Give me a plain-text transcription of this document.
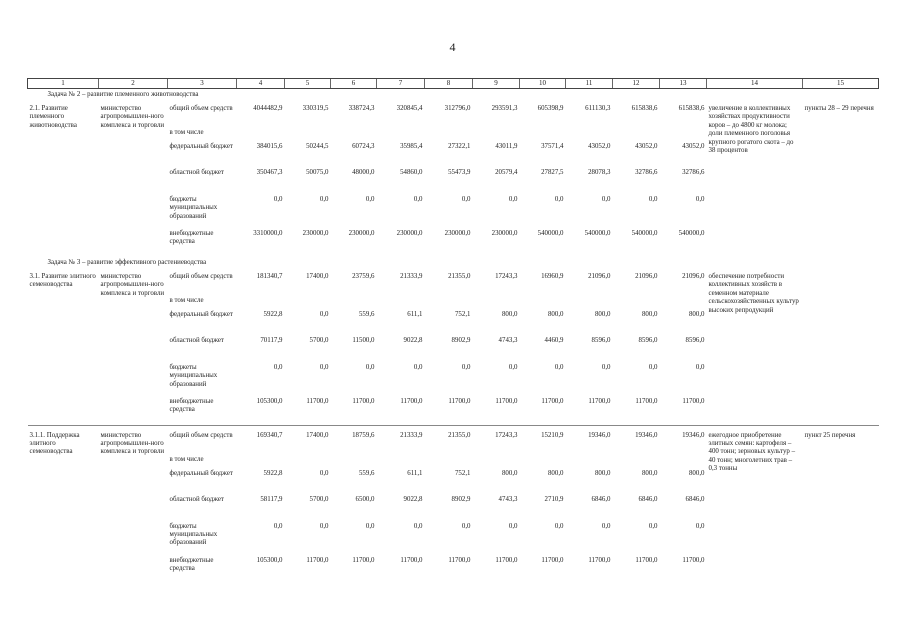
4
1	2	3	4	5	6	7	8	9	10	11	12	13	14	15
Задача № 2 – развитие племенного животноводства														
2.1. Развитие племенного животноводства	министерство агропромышлен-ного комплекса и торговли	общий объем средств	4044482,9	330319,5	338724,3	320845,4	312796,0	293591,3	605398,9	611130,3	615838,6	615838,6	увеличение в коллективных хозяйствах продуктивности коров – до 4800 кг молока; доли племенного поголовья крупного рогатого скота – до 38 процентов	пункты 28 – 29 перечня
		в том числе												
		федеральный бюджет	384015,6	50244,5	60724,3	35985,4	27322,1	43011,9	37571,4	43052,0	43052,0	43052,0		
		областной бюджет	350467,3	50075,0	48000,0	54860,0	55473,9	20579,4	27827,5	28078,3	32786,6	32786,6		
		бюджеты муниципальных образований	0,0	0,0	0,0	0,0	0,0	0,0	0,0	0,0	0,0	0,0		
		внебюджетные средства	3310000,0	230000,0	230000,0	230000,0	230000,0	230000,0	540000,0	540000,0	540000,0	540000,0		
Задача № 3 – развитие эффективного растениеводства														
3.1. Развитие элитного семеноводства	министерство агропромышлен-ного комплекса и торговли	общий объем средств	181340,7	17400,0	23759,6	21333,9	21355,0	17243,3	16960,9	21096,0	21096,0	21096,0	обеспечение потребности коллективных хозяйств в семенном материале сельскохозяйственных культур высоких репродукций	
		в том числе												
		федеральный бюджет	5922,8	0,0	559,6	611,1	752,1	800,0	800,0	800,0	800,0	800,0		
		областной бюджет	70117,9	5700,0	11500,0	9022,8	8902,9	4743,3	4460,9	8596,0	8596,0	8596,0		
		бюджеты муниципальных образований	0,0	0,0	0,0	0,0	0,0	0,0	0,0	0,0	0,0	0,0		
		внебюджетные средства	105300,0	11700,0	11700,0	11700,0	11700,0	11700,0	11700,0	11700,0	11700,0	11700,0		

3.1.1. Поддержка элитного семеноводства	министерство агропромышлен-ного комплекса и торговли	общий объем средств	169340,7	17400,0	18759,6	21333,9	21355,0	17243,3	15210,9	19346,0	19346,0	19346,0	ежегодное приобретение элитных семян: картофеля – 400 тонн; зерновых культур – 40 тонн; многолетних трав – 0,3 тонны	пункт 25 перечня
		в том числе												
		федеральный бюджет	5922,8	0,0	559,6	611,1	752,1	800,0	800,0	800,0	800,0	800,0		
		областной бюджет	58117,9	5700,0	6500,0	9022,8	8902,9	4743,3	2710,9	6846,0	6846,0	6846,0		
		бюджеты муниципальных образований	0,0	0,0	0,0	0,0	0,0	0,0	0,0	0,0	0,0	0,0		
		внебюджетные средства	105300,0	11700,0	11700,0	11700,0	11700,0	11700,0	11700,0	11700,0	11700,0	11700,0		
